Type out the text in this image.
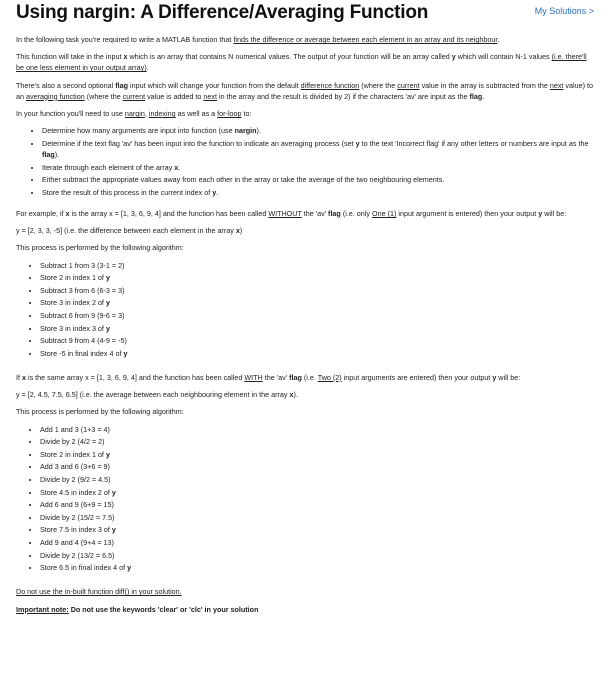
Using nargin: A Difference/Averaging Function	My Solutions >

In the following task you're required to write a MATLAB function that finds the difference or average between each element in an array and its neighbour.

This function will take in the input x which is an array that contains N numerical values. The output of your function will be an array called y which will contain N-1 values (i.e. there'll be one less element in your output array).

There's also a second optional flag input which will change your function from the default difference function (where the current value in the array is subtracted from the next value) to an averaging function (where the current value is added to next in the array and the result is divided by 2) if the characters 'av' are input as the flag.

In your function you'll need to use nargin, indexing as well as a for-loop to:

• Determine how many arguments are input into function (use nargin).
• Determine if the text flag 'av' has been input into the function to indicate an averaging process (set y to the text 'Incorrect flag' if any other letters or numbers are input as the flag).
• Iterate through each element of the array x.
• Either subtract the appropriate values away from each other in the array or take the average of the two neighbouring elements.
• Store the result of this process in the current index of y.

For example, if x is the array x = [1, 3, 6, 9, 4] and the function has been called WITHOUT the 'av' flag (i.e. only One (1) input argument is entered) then your output y will be:

y = [2, 3, 3, -5] (i.e. the difference between each element in the array x)

This process is performed by the following algorithm:

• Subtract 1 from 3 (3-1 = 2)
• Store 2 in index 1 of y
• Subtract 3 from 6 (6-3 = 3)
• Store 3 in index 2 of y
• Subtract 6 from 9 (9-6 = 3)
• Store 3 in index 3 of y
• Subtract 9 from 4 (4-9 = -5)
• Store -5 in final index 4 of y

If x is the same array x = [1, 3, 6, 9, 4] and the function has been called WITH the 'av' flag (i.e. Two (2) input arguments are entered) then your output y will be:

y = [2, 4.5, 7.5, 6.5] (i.e. the average between each neighbouring element in the array x).

This process is performed by the following algorithm:

• Add 1 and 3 (1+3 = 4)
• Divide by 2 (4/2 = 2)
• Store 2 in index 1 of y
• Add 3 and 6 (3+6 = 9)
• Divide by 2 (9/2 = 4.5)
• Store 4.5 in index 2 of y
• Add 6 and 9 (6+9 = 15)
• Divide by 2 (15/2 = 7.5)
• Store 7.5 in index 3 of y
• Add 9 and 4 (9+4 = 13)
• Divide by 2 (13/2 = 6.5)
• Store 6.5 in final index 4 of y

Do not use the in-built function diff() in your solution.

Important note: Do not use the keywords 'clear' or 'clc' in your solution
